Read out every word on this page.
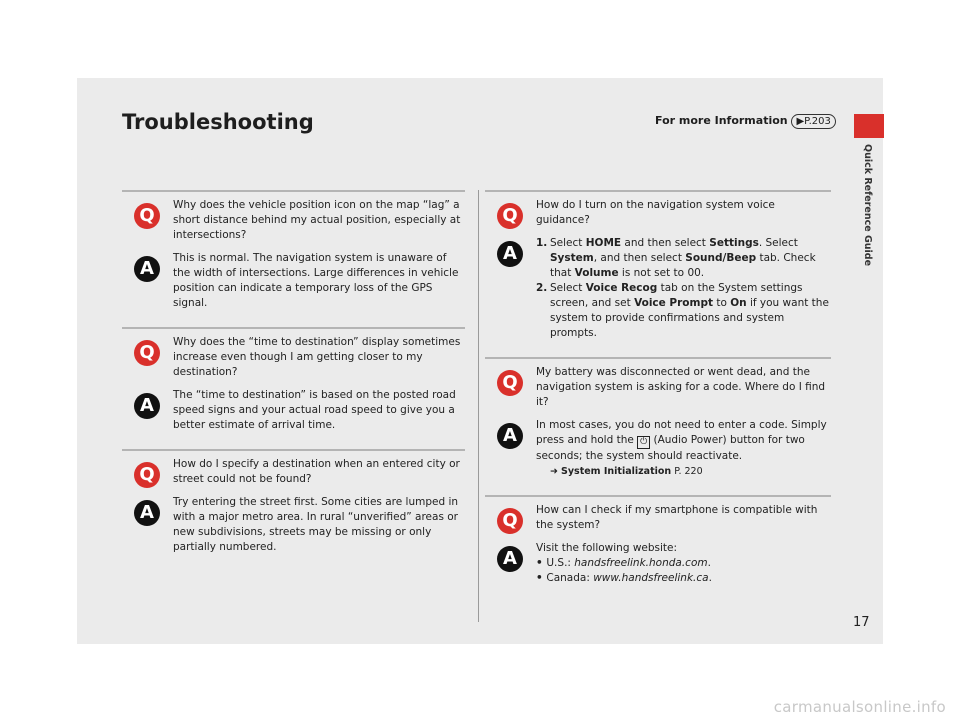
Troubleshooting	For more Information ▶P.203
Quick Reference Guide
Q	Why does the vehicle position icon on the map “lag” a short distance behind my actual position, especially at intersections?
A	This is normal. The navigation system is unaware of the width of intersections. Large differences in vehicle position can indicate a temporary loss of the GPS signal.
Q	Why does the “time to destination” display sometimes increase even though I am getting closer to my destination?
A	The “time to destination” is based on the posted road speed signs and your actual road speed to give you a better estimate of arrival time.
Q	How do I specify a destination when an entered city or street could not be found?
A	Try entering the street first. Some cities are lumped in with a major metro area. In rural “unverified” areas or new subdivisions, streets may be missing or only partially numbered.
Q	How do I turn on the navigation system voice guidance?
A	1. Select HOME and then select Settings. Select System, and then select Sound/Beep tab. Check that Volume is not set to 00.
2. Select Voice Recog tab on the System settings screen, and set Voice Prompt to On if you want the system to provide confirmations and system prompts.
Q	My battery was disconnected or went dead, and the navigation system is asking for a code. Where do I find it?
A	In most cases, you do not need to enter a code. Simply press and hold the ⏻ (Audio Power) button for two seconds; the system should reactivate.
➜ System Initialization P. 220
Q	How can I check if my smartphone is compatible with the system?
A	Visit the following website:
• U.S.: handsfreelink.honda.com.
• Canada: www.handsfreelink.ca.
17
carmanualsonline.info
